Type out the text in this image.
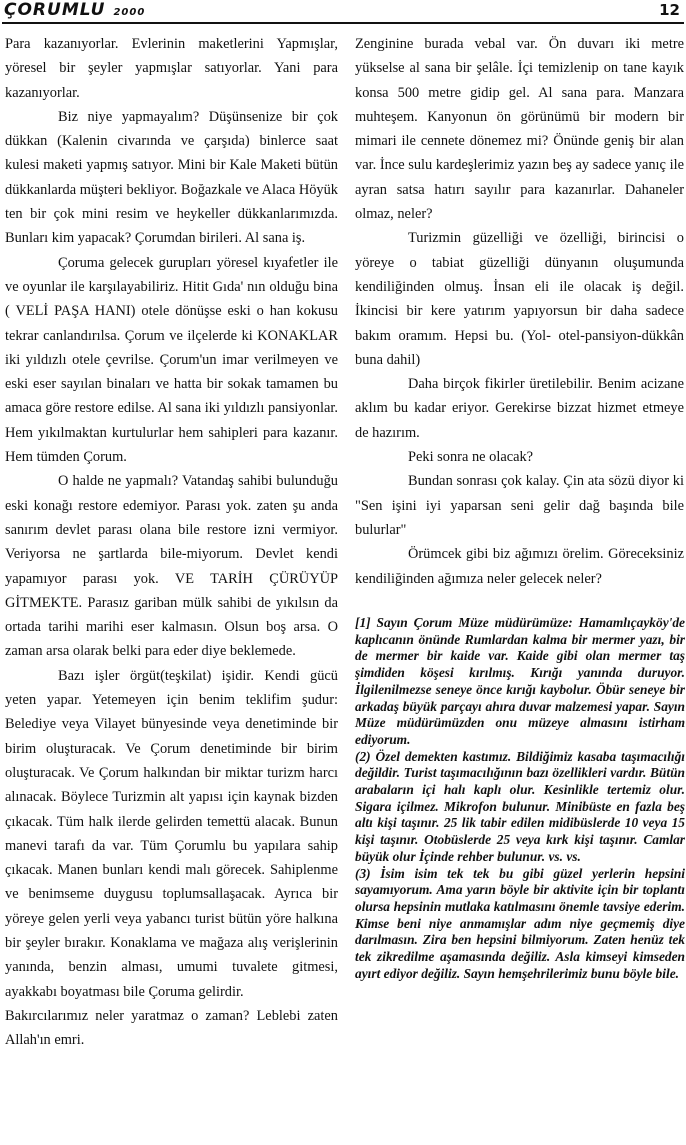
ÇORUMLU 2000	12

Para kazanıyorlar. Evlerinin maketlerini Yapmışlar, yöresel bir şeyler yapmışlar satıyorlar. Yani para kazanıyorlar.

Biz niye yapmayalım? Düşünsenize bir çok dükkan (Kalenin civarında ve çarşıda) binlerce saat kulesi maketi yapmış satıyor. Mini bir Kale Maketi bütün dükkanlarda müşteri bekliyor. Boğazkale ve Alaca Höyük ten bir çok mini resim ve heykeller dükkanlarımızda. Bunları kim yapacak? Çorumdan birileri. Al sana iş.

Çoruma gelecek gurupları yöresel kıyafetler ile ve oyunlar ile karşılayabiliriz. Hitit Gıda' nın olduğu bina ( VELİ PAŞA HANI) otele dönüşse eski o han kokusu tekrar canlandırılsa. Çorum ve ilçelerde ki KONAKLAR iki yıldızlı otele çevrilse. Çorum'un imar verilmeyen ve eski eser sayılan binaları ve hatta bir sokak tamamen bu amaca göre restore edilse. Al sana iki yıldızlı pansiyonlar. Hem yıkılmaktan kurtulurlar hem sahipleri para kazanır. Hem tümden Çorum.

O halde ne yapmalı? Vatandaş sahibi bulunduğu eski konağı restore edemiyor. Parası yok. zaten şu anda sanırım devlet parası olana bile restore izni vermiyor. Veriyorsa ne şartlarda bile-miyorum. Devlet kendi yapamıyor parası yok. VE TARİH ÇÜRÜYÜP GİTMEKTE. Parasız gariban mülk sahibi de yıkılsın da ortada tarihi marihi eser kalmasın. Olsun boş arsa. O zaman arsa olarak belki para eder diye beklemede.

Bazı işler örgüt(teşkilat) işidir. Kendi gücü yeten yapar. Yetemeyen için benim teklifim şudur: Belediye veya Vilayet bünyesinde veya denetiminde bir birim oluşturacak. Ve Çorum denetiminde bir birim oluşturacak. Ve Çorum halkından bir miktar turizm harcı alınacak. Böylece Turizmin alt yapısı için kaynak bizden çıkacak. Tüm halk ilerde gelirden temettü alacak. Bunun manevi tarafı da var. Tüm Çorumlu bu yapılara sahip çıkacak. Manen bunları kendi malı görecek. Sahiplenme ve benimseme duygusu toplumsallaşacak. Ayrıca bir yöreye gelen yerli veya yabancı turist bütün yöre halkına bir şeyler bırakır. Konaklama ve mağaza alış verişlerinin yanında, benzin alması, umumi tuvalete gitmesi, ayakkabı boyatması bile Çoruma gelirdir.

Bakırcılarımız neler yaratmaz o zaman? Leblebi zaten Allah'ın emri.

Zenginine burada vebal var. Ön duvarı iki metre yükselse al sana bir şelâle. İçi temizlenip on tane kayık konsa 500 metre gidip gel. Al sana para. Manzara muhteşem. Kanyonun ön görünümü bir modern bir mimari ile cennete dönemez mi? Önünde geniş bir alan var. İnce sulu kardeşlerimiz yazın beş ay sadece yanıç ile ayran satsa hatırı sayılır para kazanırlar. Dahaneler olmaz, neler?

Turizmin güzelliği ve özelliği, birincisi o yöreye o tabiat güzelliği dünyanın oluşumunda kendiliğinden olmuş. İnsan eli ile olacak iş değil. İkincisi bir kere yatırım yapıyorsun bir daha sadece bakım oramım. Hepsi bu. (Yol- otel-pansiyon-dükkân buna dahil)

Daha birçok fikirler üretilebilir. Benim acizane aklım bu kadar eriyor. Gerekirse bizzat hizmet etmeye de hazırım.

Peki sonra ne olacak?

Bundan sonrası çok kalay. Çin ata sözü diyor ki "Sen işini iyi yaparsan seni gelir dağ başında bile bulurlar"

Örümcek gibi biz ağımızı örelim. Göreceksiniz kendiliğinden ağımıza neler gelecek neler?

[1] Sayın Çorum Müze müdürümüze: Hamamlıçayköy'de kaplıcanın önünde Rumlardan kalma bir mermer yazı, bir de mermer bir kaide var. Kaide gibi olan mermer taş şimdiden köşesi kırılmış. Kırığı yanında duruyor. İlgilenilmezse seneye önce kırığı kaybolur. Öbür seneye bir arkadaş büyük parçayı ahıra duvar malzemesi yapar. Sayın Müze müdürümüzden onu müzeye almasını istirham ediyorum.

(2) Özel demekten kastımız. Bildiğimiz kasaba taşımacılığı değildir. Turist taşımacılığının bazı özellikleri vardır. Bütün arabaların içi halı kaplı olur. Kesinlikle tertemiz olur. Sigara içilmez. Mikrofon bulunur. Minibüste en fazla beş altı kişi taşınır. 25 lik tabir edilen midibüslerde 10 veya 15 kişi taşınır. Otobüslerde 25 veya kırk kişi taşınır. Camlar büyük olur İçinde rehber bulunur. vs. vs.

(3) İsim isim tek tek bu gibi güzel yerlerin hepsini sayamıyorum. Ama yarın böyle bir aktivite için bir toplantı olursa hepsinin mutlaka katılmasını önemle tavsiye ederim. Kimse beni niye anmamışlar adım niye geçmemiş diye darılmasın. Zira ben hepsini bilmiyorum. Zaten henüz tek tek zikredilme aşamasında değiliz. Asla kimseyi kimseden ayırt ediyor değiliz. Sayın hemşehrilerimiz bunu böyle bile.
